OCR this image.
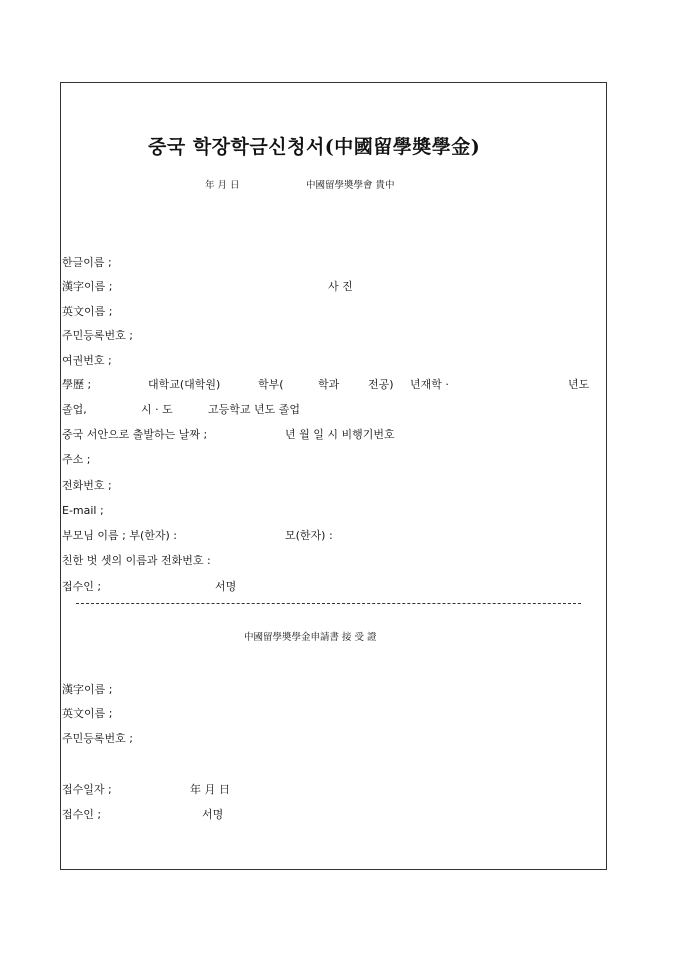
중국 학장학금신청서(中國留學奬學金)
年 月 日	中國留學奬學會 貴中
한글이름 ;
漢字이름 ;	사 진
英文이름 ;
주민등록번호 ;
여권번호 ;
學歷 ;	대학교(대학원)	학부(	학과	전공) 년재학 ·	년도
졸업,	시 · 도	고등학교 년도 졸업
중국 서안으로 출발하는 날짜 ;	년 월 일 시 비행기번호
주소 ;
전화번호 ;
E-mail ;
부모님 이름 ; 부(한자) :	모(한자) :
친한 벗 셋의 이름과 전화번호 :
접수인 ;	서명
中國留學奬學金申請書 接 受 證
漢字이름 ;
英文이름 ;
주민등록번호 ;
접수일자 ;	年 月 日
접수인 ;	서명
